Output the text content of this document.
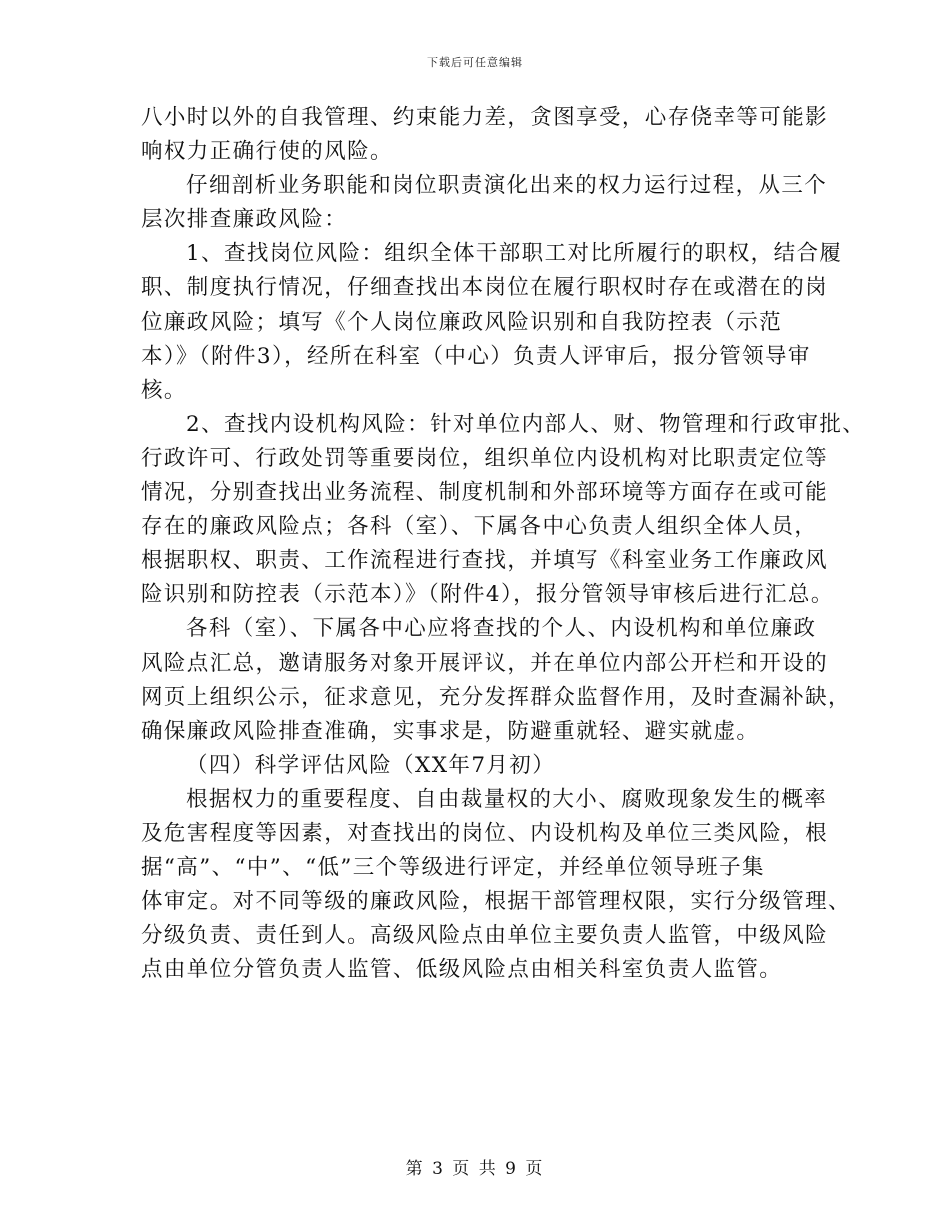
下载后可任意编辑
八小时以外的自我管理、约束能力差，贪图享受，心存侥幸等可能影
响权力正确行使的风险。
仔细剖析业务职能和岗位职责演化出来的权力运行过程，从三个
层次排查廉政风险：
1、查找岗位风险：组织全体干部职工对比所履行的职权，结合履
职、制度执行情况，仔细查找出本岗位在履行职权时存在或潜在的岗
位廉政风险；填写《个人岗位廉政风险识别和自我防控表（示范
本）》（附件3），经所在科室（中心）负责人评审后，报分管领导审
核。
2、查找内设机构风险：针对单位内部人、财、物管理和行政审批、
行政许可、行政处罚等重要岗位，组织单位内设机构对比职责定位等
情况，分别查找出业务流程、制度机制和外部环境等方面存在或可能
存在的廉政风险点；各科（室）、下属各中心负责人组织全体人员，
根据职权、职责、工作流程进行查找，并填写《科室业务工作廉政风
险识别和防控表（示范本）》（附件4），报分管领导审核后进行汇总。
各科（室）、下属各中心应将查找的个人、内设机构和单位廉政
风险点汇总，邀请服务对象开展评议，并在单位内部公开栏和开设的
网页上组织公示，征求意见，充分发挥群众监督作用，及时查漏补缺，
确保廉政风险排查准确，实事求是，防避重就轻、避实就虚。
（四）科学评估风险（XX年7月初）
根据权力的重要程度、自由裁量权的大小、腐败现象发生的概率
及危害程度等因素，对查找出的岗位、内设机构及单位三类风险，根
据“高”、“中”、“低”三个等级进行评定，并经单位领导班子集
体审定。对不同等级的廉政风险，根据干部管理权限，实行分级管理、
分级负责、责任到人。高级风险点由单位主要负责人监管，中级风险
点由单位分管负责人监管、低级风险点由相关科室负责人监管。
第 3 页 共 9 页
